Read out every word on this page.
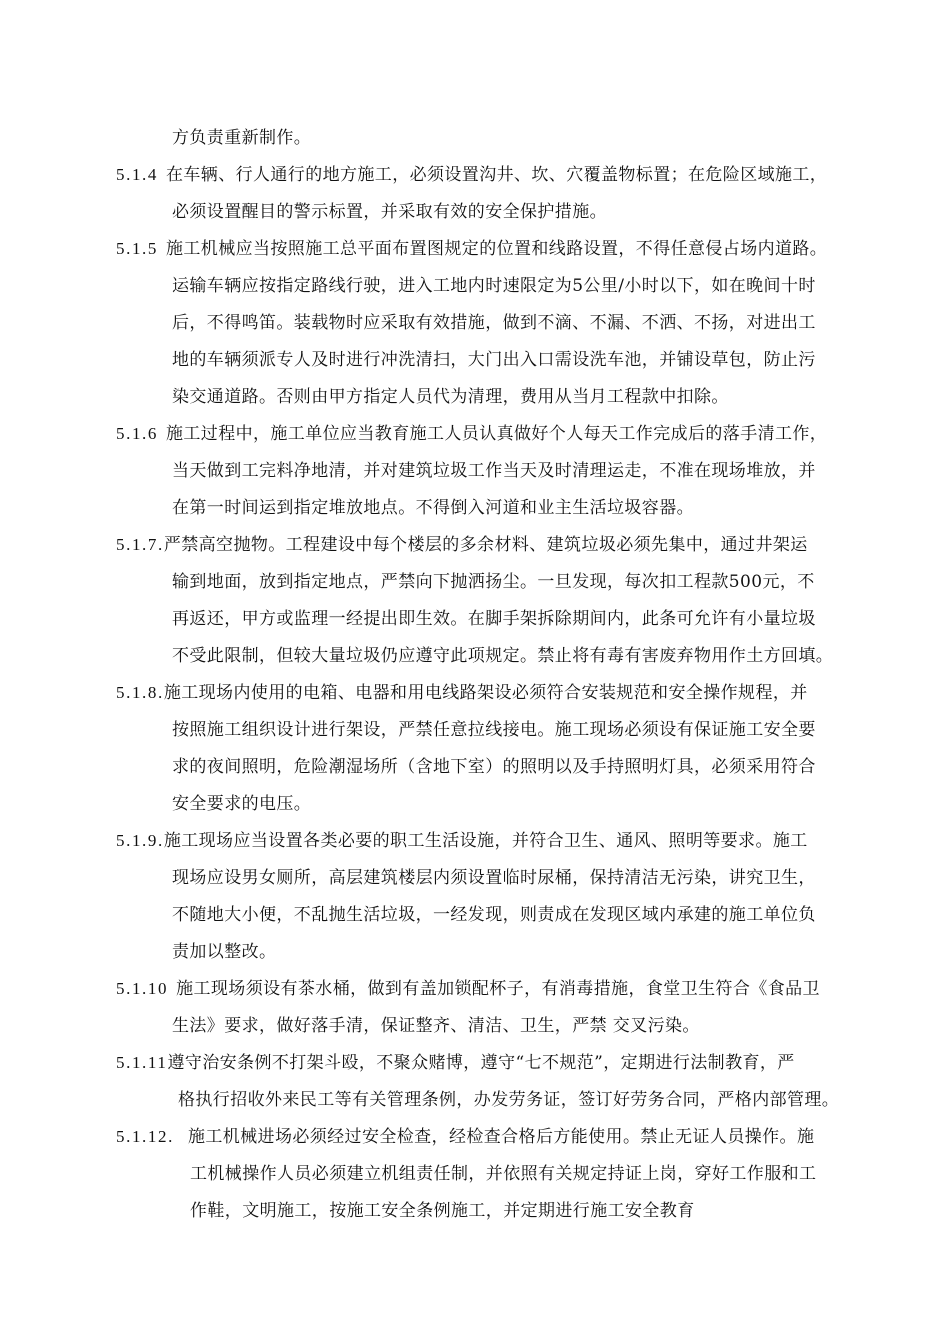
方负责重新制作。
5.1.4 在车辆、行人通行的地方施工，必须设置沟井、坎、穴覆盖物标置；在危险区域施工，
必须设置醒目的警示标置，并采取有效的安全保护措施。
5.1.5 施工机械应当按照施工总平面布置图规定的位置和线路设置，不得任意侵占场内道路。
运输车辆应按指定路线行驶，进入工地内时速限定为5公里/小时以下，如在晚间十时
后，不得鸣笛。装载物时应采取有效措施，做到不滴、不漏、不洒、不扬，对进出工
地的车辆须派专人及时进行冲洗清扫，大门出入口需设洗车池，并铺设草包，防止污
染交通道路。否则由甲方指定人员代为清理，费用从当月工程款中扣除。
5.1.6 施工过程中，施工单位应当教育施工人员认真做好个人每天工作完成后的落手清工作，
当天做到工完料净地清，并对建筑垃圾工作当天及时清理运走，不准在现场堆放，并
在第一时间运到指定堆放地点。不得倒入河道和业主生活垃圾容器。
5.1.7.严禁高空抛物。工程建设中每个楼层的多余材料、建筑垃圾必须先集中，通过井架运
输到地面，放到指定地点，严禁向下抛洒扬尘。一旦发现，每次扣工程款500元，不
再返还，甲方或监理一经提出即生效。在脚手架拆除期间内，此条可允许有小量垃圾
不受此限制，但较大量垃圾仍应遵守此项规定。禁止将有毒有害废弃物用作土方回填。
5.1.8.施工现场内使用的电箱、电器和用电线路架设必须符合安装规范和安全操作规程，并
按照施工组织设计进行架设，严禁任意拉线接电。施工现场必须设有保证施工安全要
求的夜间照明，危险潮湿场所（含地下室）的照明以及手持照明灯具，必须采用符合
安全要求的电压。
5.1.9.施工现场应当设置各类必要的职工生活设施，并符合卫生、通风、照明等要求。施工
现场应设男女厕所，高层建筑楼层内须设置临时尿桶，保持清洁无污染，讲究卫生，
不随地大小便，不乱抛生活垃圾，一经发现，则责成在发现区域内承建的施工单位负
责加以整改。
5.1.10 施工现场须设有茶水桶，做到有盖加锁配杯子，有消毒措施，食堂卫生符合《食品卫
生法》要求，做好落手清，保证整齐、清洁、卫生，严禁 交叉污染。
5.1.11遵守治安条例不打架斗殴，不聚众赌博，遵守“七不规范”，定期进行法制教育，严
格执行招收外来民工等有关管理条例，办发劳务证，签订好劳务合同，严格内部管理。
5.1.12. 施工机械进场必须经过安全检查，经检查合格后方能使用。禁止无证人员操作。施
工机械操作人员必须建立机组责任制，并依照有关规定持证上岗，穿好工作服和工
作鞋，文明施工，按施工安全条例施工，并定期进行施工安全教育
